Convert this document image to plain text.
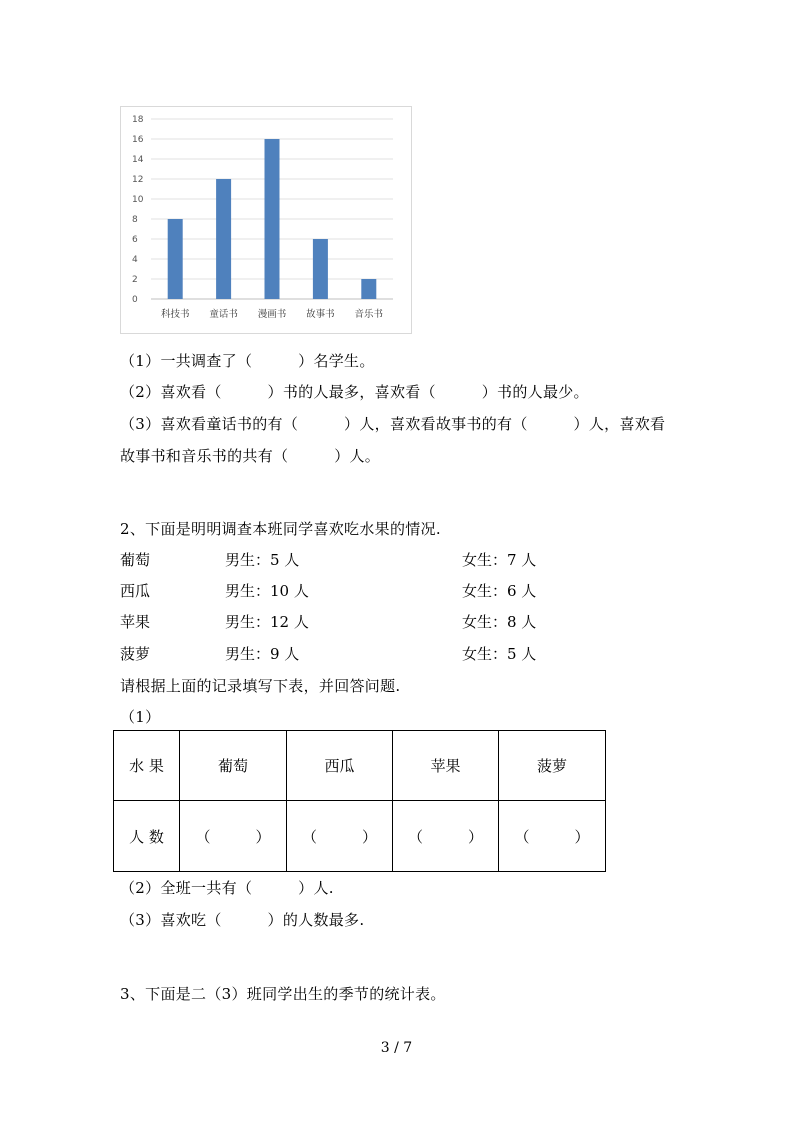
0
2
4
6
8
10
12
14
16
18
科技书 童话书 漫画书 故事书 音乐书
（1）一共调查了（　　　）名学生。
（2）喜欢看（　　　）书的人最多，喜欢看（　　　）书的人最少。
（3）喜欢看童话书的有（　　　）人，喜欢看故事书的有（　　　）人，喜欢看
故事书和音乐书的共有（　　　）人。
2、下面是明明调查本班同学喜欢吃水果的情况.
葡萄	男生：5 人	女生：7 人
西瓜	男生：10 人	女生：6 人
苹果	男生：12 人	女生：8 人
菠萝	男生：9 人	女生：5 人
请根据上面的记录填写下表，并回答问题.
（1）
水 果	葡萄	西瓜	苹果	菠萝
人 数	（　　　）	（　　　）	（　　　）	（　　　）
（2）全班一共有（　　　）人.
（3）喜欢吃（　　　）的人数最多.
3、下面是二（3）班同学出生的季节的统计表。
3 / 7
